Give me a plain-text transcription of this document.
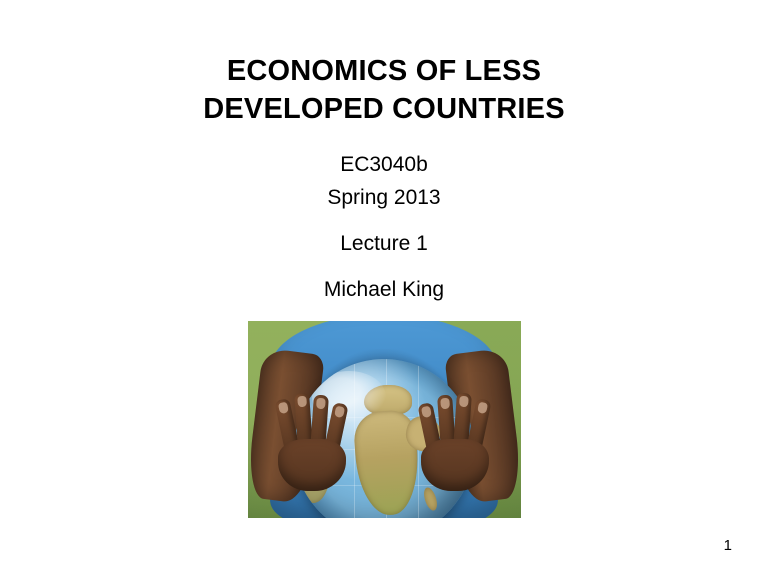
ECONOMICS OF LESS
DEVELOPED COUNTRIES
EC3040b
Spring 2013
Lecture 1
Michael King
1
